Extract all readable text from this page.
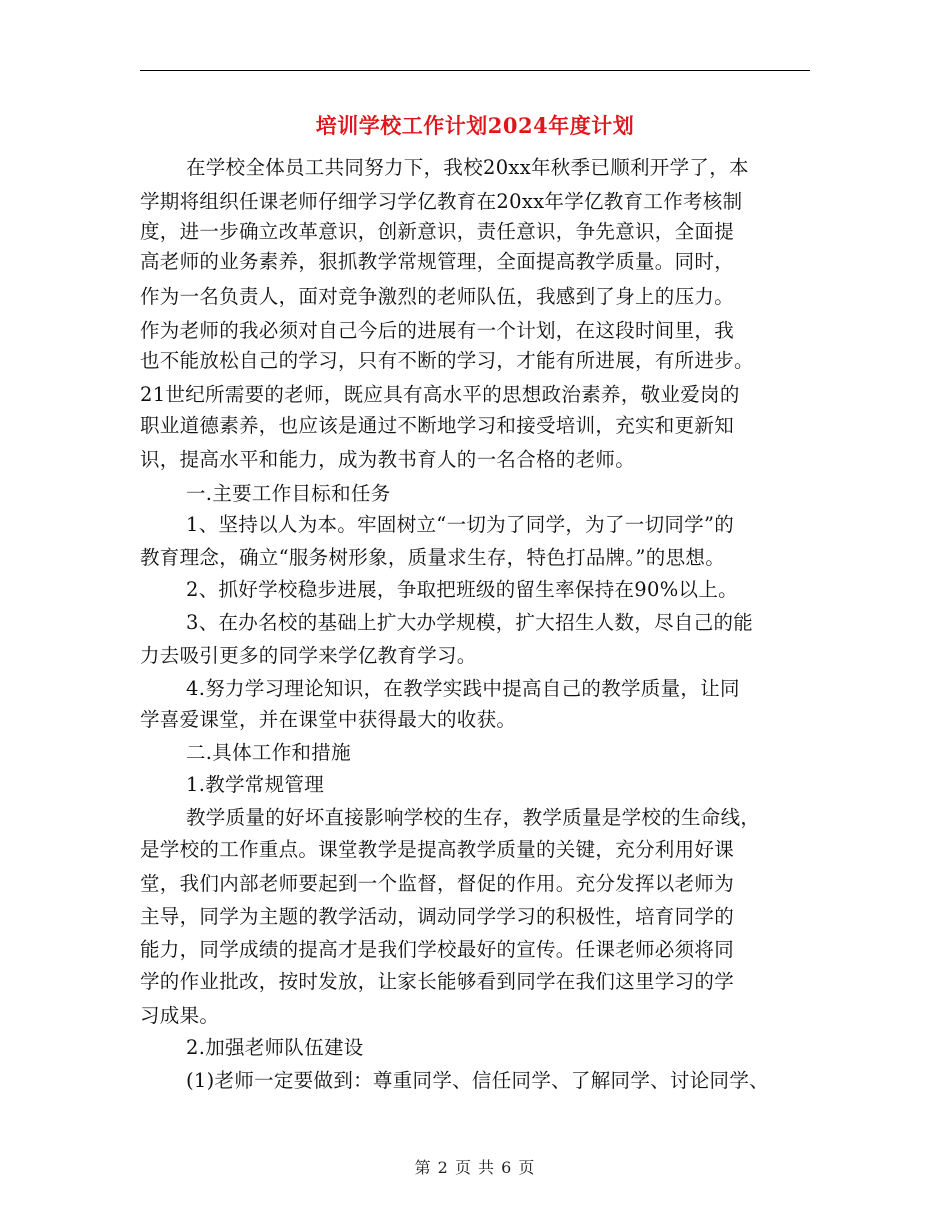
培训学校工作计划2024年度计划

在学校全体员工共同努力下，我校20xx年秋季已顺利开学了，本

学期将组织任课老师仔细学习学亿教育在20xx年学亿教育工作考核制

度，进一步确立改革意识，创新意识，责任意识，争先意识，全面提

高老师的业务素养，狠抓教学常规管理，全面提高教学质量。同时，

作为一名负责人，面对竞争激烈的老师队伍，我感到了身上的压力。

作为老师的我必须对自己今后的进展有一个计划，在这段时间里，我

也不能放松自己的学习，只有不断的学习，才能有所进展，有所进步。

21世纪所需要的老师，既应具有高水平的思想政治素养，敬业爱岗的

职业道德素养，也应该是通过不断地学习和接受培训，充实和更新知

识，提高水平和能力，成为教书育人的一名合格的老师。

一.主要工作目标和任务

1、坚持以人为本。牢固树立“一切为了同学，为了一切同学”的

教育理念，确立“服务树形象，质量求生存，特色打品牌。”的思想。

2、抓好学校稳步进展，争取把班级的留生率保持在90%以上。

3、在办名校的基础上扩大办学规模，扩大招生人数，尽自己的能

力去吸引更多的同学来学亿教育学习。

4.努力学习理论知识，在教学实践中提高自己的教学质量，让同

学喜爱课堂，并在课堂中获得最大的收获。

二.具体工作和措施

1.教学常规管理

教学质量的好坏直接影响学校的生存，教学质量是学校的生命线，

是学校的工作重点。课堂教学是提高教学质量的关键，充分利用好课

堂，我们内部老师要起到一个监督，督促的作用。充分发挥以老师为

主导，同学为主题的教学活动，调动同学学习的积极性，培育同学的

能力，同学成绩的提高才是我们学校最好的宣传。任课老师必须将同

学的作业批改，按时发放，让家长能够看到同学在我们这里学习的学

习成果。

2.加强老师队伍建设

(1)老师一定要做到：尊重同学、信任同学、了解同学、讨论同学、

第 2 页 共 6 页
